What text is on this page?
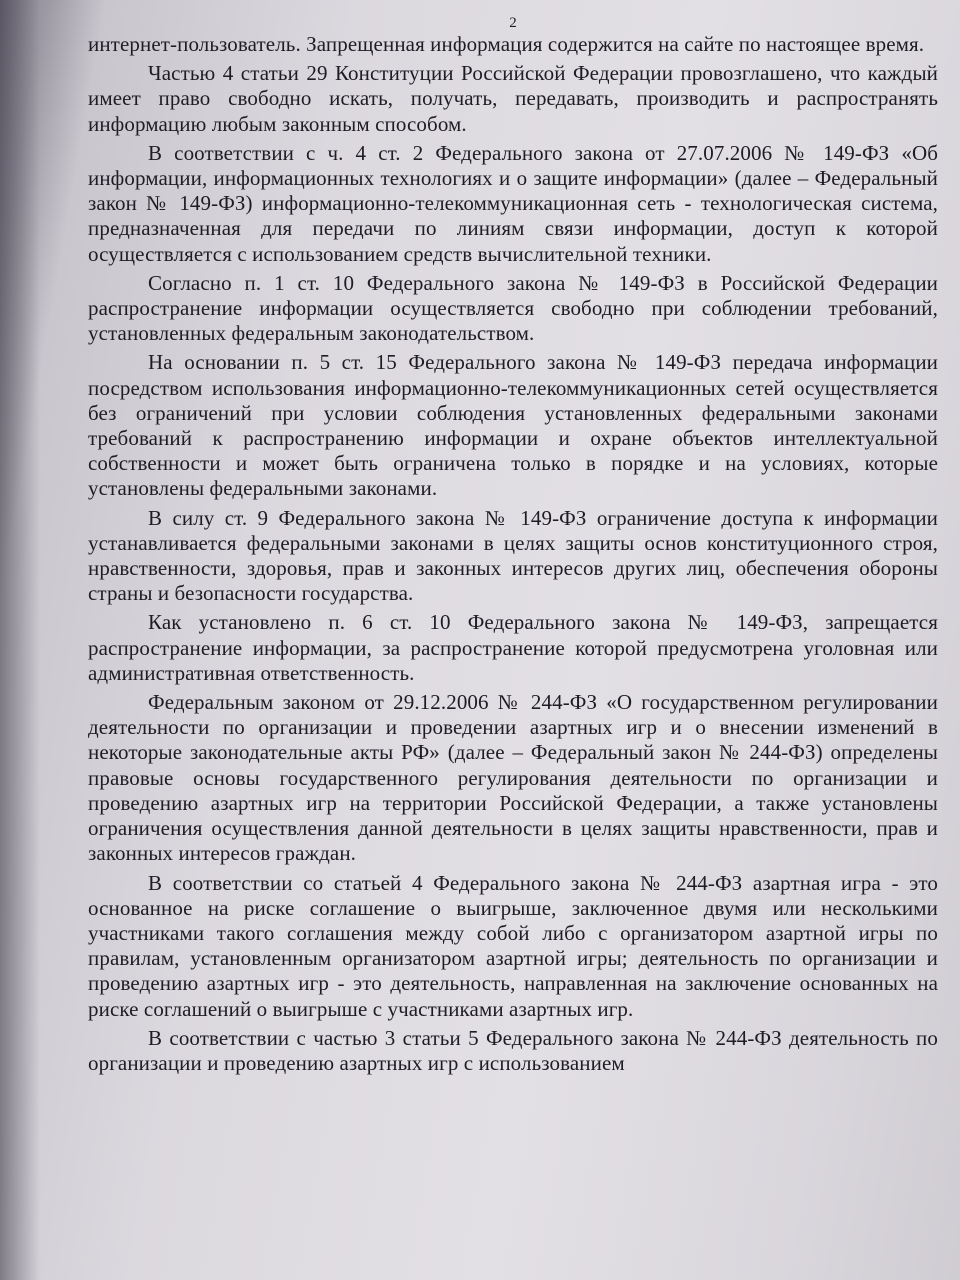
2

интернет-пользователь. Запрещенная информация содержится на сайте по настоящее время.

Частью 4 статьи 29 Конституции Российской Федерации провозглашено, что каждый имеет право свободно искать, получать, передавать, производить и распространять информацию любым законным способом.

В соответствии с ч. 4 ст. 2 Федерального закона от 27.07.2006 № 149-ФЗ «Об информации, информационных технологиях и о защите информации» (далее – Федеральный закон № 149-ФЗ) информационно-телекоммуникационная сеть - технологическая система, предназначенная для передачи по линиям связи информации, доступ к которой осуществляется с использованием средств вычислительной техники.

Согласно п. 1 ст. 10 Федерального закона № 149-ФЗ в Российской Федерации распространение информации осуществляется свободно при соблюдении требований, установленных федеральным законодательством.

На основании п. 5 ст. 15 Федерального закона № 149-ФЗ передача информации посредством использования информационно-телекоммуникационных сетей осуществляется без ограничений при условии соблюдения установленных федеральными законами требований к распространению информации и охране объектов интеллектуальной собственности и может быть ограничена только в порядке и на условиях, которые установлены федеральными законами.

В силу ст. 9 Федерального закона № 149-ФЗ ограничение доступа к информации устанавливается федеральными законами в целях защиты основ конституционного строя, нравственности, здоровья, прав и законных интересов других лиц, обеспечения обороны страны и безопасности государства.

Как установлено п. 6 ст. 10 Федерального закона № 149-ФЗ, запрещается распространение информации, за распространение которой предусмотрена уголовная или административная ответственность.

Федеральным законом от 29.12.2006 № 244-ФЗ «О государственном регулировании деятельности по организации и проведении азартных игр и о внесении изменений в некоторые законодательные акты РФ» (далее – Федеральный закон № 244-ФЗ) определены правовые основы государственного регулирования деятельности по организации и проведению азартных игр на территории Российской Федерации, а также установлены ограничения осуществления данной деятельности в целях защиты нравственности, прав и законных интересов граждан.

В соответствии со статьей 4 Федерального закона № 244-ФЗ азартная игра - это основанное на риске соглашение о выигрыше, заключенное двумя или несколькими участниками такого соглашения между собой либо с организатором азартной игры по правилам, установленным организатором азартной игры; деятельность по организации и проведению азартных игр - это деятельность, направленная на заключение основанных на риске соглашений о выигрыше с участниками азартных игр.

В соответствии с частью 3 статьи 5 Федерального закона № 244-ФЗ деятельность по организации и проведению азартных игр с использованием
